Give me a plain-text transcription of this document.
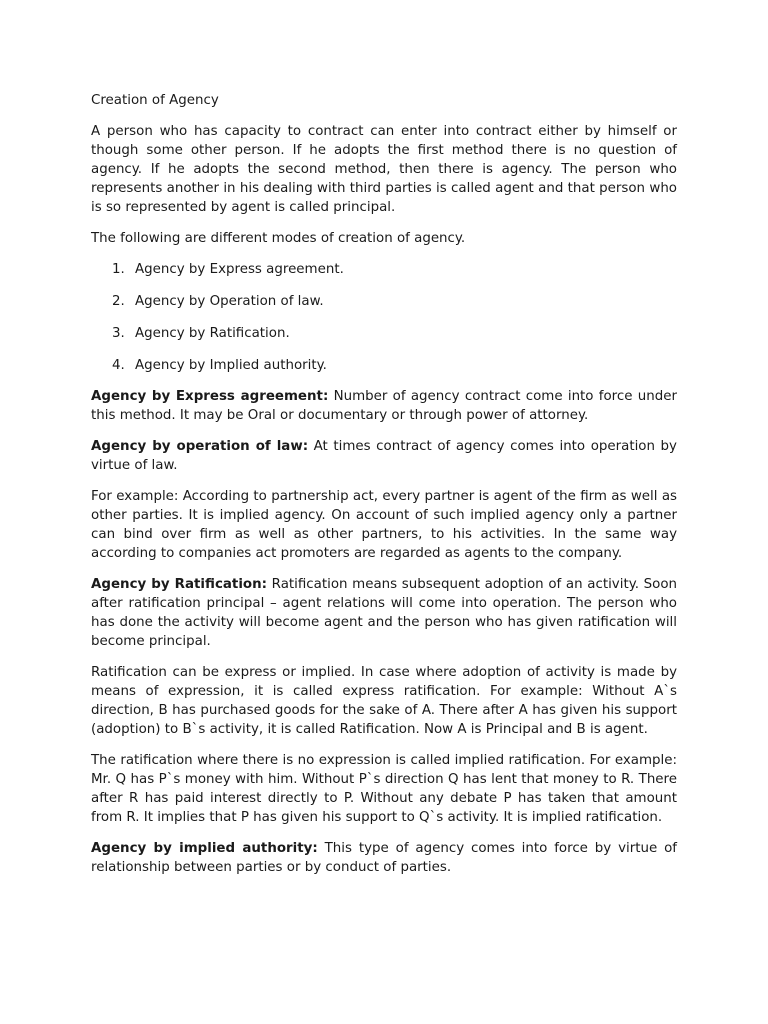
Creation of Agency

A person who has capacity to contract can enter into contract either by himself or though some other person. If he adopts the first method there is no question of agency. If he adopts the second method, then there is agency. The person who represents another in his dealing with third parties is called agent and that person who is so represented by agent is called principal.

The following are different modes of creation of agency.

1. Agency by Express agreement.
2. Agency by Operation of law.
3. Agency by Ratification.
4. Agency by Implied authority.

Agency by Express agreement: Number of agency contract come into force under this method. It may be Oral or documentary or through power of attorney.

Agency by operation of law: At times contract of agency comes into operation by virtue of law.

For example: According to partnership act, every partner is agent of the firm as well as other parties. It is implied agency. On account of such implied agency only a partner can bind over firm as well as other partners, to his activities. In the same way according to companies act promoters are regarded as agents to the company.

Agency by Ratification: Ratification means subsequent adoption of an activity. Soon after ratification principal – agent relations will come into operation. The person who has done the activity will become agent and the person who has given ratification will become principal.

Ratification can be express or implied. In case where adoption of activity is made by means of expression, it is called express ratification. For example: Without A`s direction, B has purchased goods for the sake of A. There after A has given his support (adoption) to B`s activity, it is called Ratification. Now A is Principal and B is agent.

The ratification where there is no expression is called implied ratification. For example: Mr. Q has P`s money with him. Without P`s direction Q has lent that money to R. There after R has paid interest directly to P. Without any debate P has taken that amount from R. It implies that P has given his support to Q`s activity. It is implied ratification.

Agency by implied authority: This type of agency comes into force by virtue of relationship between parties or by conduct of parties.
